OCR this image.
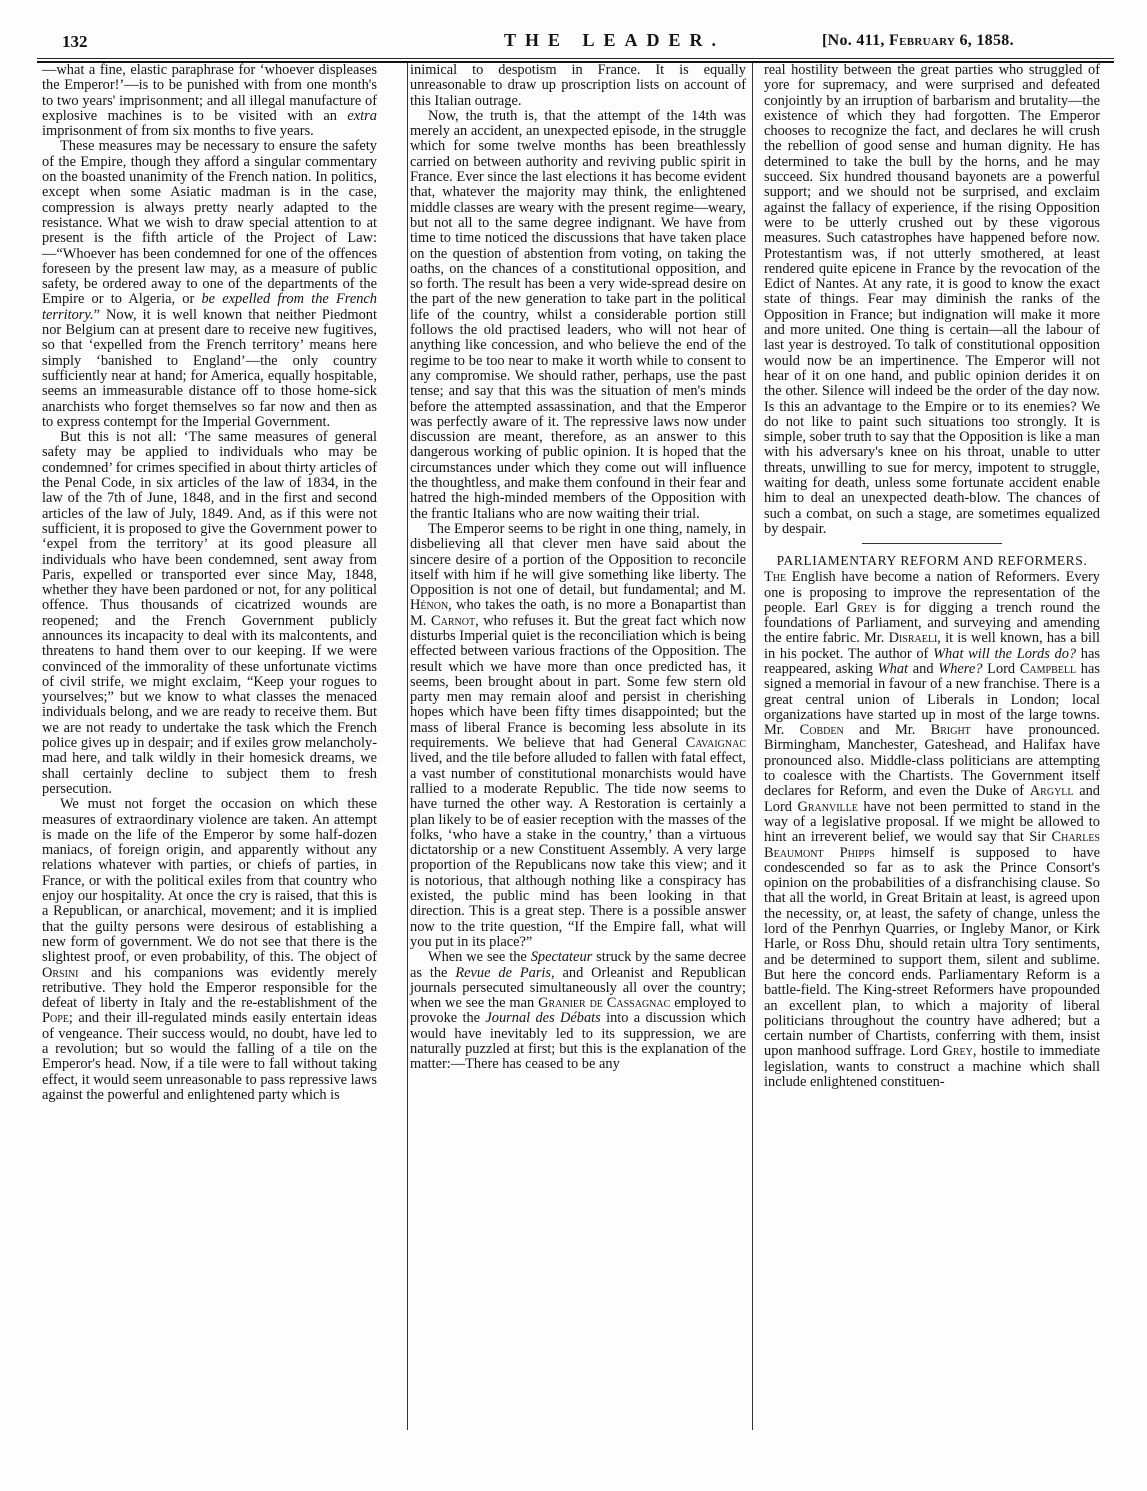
132	THE LEADER.	[No. 411, February 6, 1858.

—what a fine, elastic paraphrase for ‘whoever displeases the Emperor!’—is to be punished with from one month's to two years' imprisonment; and all illegal manufacture of explosive machines is to be visited with an extra imprisonment of from six months to five years.

These measures may be necessary to ensure the safety of the Empire, though they afford a singular commentary on the boasted unanimity of the French nation. In politics, except when some Asiatic madman is in the case, compression is always pretty nearly adapted to the resistance. What we wish to draw special attention to at present is the fifth article of the Project of Law:—“Whoever has been condemned for one of the offences foreseen by the present law may, as a measure of public safety, be ordered away to one of the departments of the Empire or to Algeria, or be expelled from the French territory.” Now, it is well known that neither Piedmont nor Belgium can at present dare to receive new fugitives, so that ‘expelled from the French territory’ means here simply ‘banished to England’—the only country sufficiently near at hand; for America, equally hospitable, seems an immeasurable distance off to those home-sick anarchists who forget themselves so far now and then as to express contempt for the Imperial Government.

But this is not all: ‘The same measures of general safety may be applied to individuals who may be condemned’ for crimes specified in about thirty articles of the Penal Code, in six articles of the law of 1834, in the law of the 7th of June, 1848, and in the first and second articles of the law of July, 1849. And, as if this were not sufficient, it is proposed to give the Government power to ‘expel from the territory’ at its good pleasure all individuals who have been condemned, sent away from Paris, expelled or transported ever since May, 1848, whether they have been pardoned or not, for any political offence. Thus thousands of cicatrized wounds are reopened; and the French Government publicly announces its incapacity to deal with its malcontents, and threatens to hand them over to our keeping. If we were convinced of the immorality of these unfortunate victims of civil strife, we might exclaim, “Keep your rogues to yourselves;” but we know to what classes the menaced individuals belong, and we are ready to receive them. But we are not ready to undertake the task which the French police gives up in despair; and if exiles grow melancholy-mad here, and talk wildly in their homesick dreams, we shall certainly decline to subject them to fresh persecution.

We must not forget the occasion on which these measures of extraordinary violence are taken. An attempt is made on the life of the Emperor by some half-dozen maniacs, of foreign origin, and apparently without any relations whatever with parties, or chiefs of parties, in France, or with the political exiles from that country who enjoy our hospitality. At once the cry is raised, that this is a Republican, or anarchical, movement; and it is implied that the guilty persons were desirous of establishing a new form of government. We do not see that there is the slightest proof, or even probability, of this. The object of Orsini and his companions was evidently merely retributive. They hold the Emperor responsible for the defeat of liberty in Italy and the re-establishment of the Pope; and their ill-regulated minds easily entertain ideas of vengeance. Their success would, no doubt, have led to a revolution; but so would the falling of a tile on the Emperor's head. Now, if a tile were to fall without taking effect, it would seem unreasonable to pass repressive laws against the powerful and enlightened party which is

inimical to despotism in France. It is equally unreasonable to draw up proscription lists on account of this Italian outrage.

Now, the truth is, that the attempt of the 14th was merely an accident, an unexpected episode, in the struggle which for some twelve months has been breathlessly carried on between authority and reviving public spirit in France. Ever since the last elections it has become evident that, whatever the majority may think, the enlightened middle classes are weary with the present regime—weary, but not all to the same degree indignant. We have from time to time noticed the discussions that have taken place on the question of abstention from voting, on taking the oaths, on the chances of a constitutional opposition, and so forth. The result has been a very wide-spread desire on the part of the new generation to take part in the political life of the country, whilst a considerable portion still follows the old practised leaders, who will not hear of anything like concession, and who believe the end of the regime to be too near to make it worth while to consent to any compromise. We should rather, perhaps, use the past tense; and say that this was the situation of men's minds before the attempted assassination, and that the Emperor was perfectly aware of it. The repressive laws now under discussion are meant, therefore, as an answer to this dangerous working of public opinion. It is hoped that the circumstances under which they come out will influence the thoughtless, and make them confound in their fear and hatred the high-minded members of the Opposition with the frantic Italians who are now waiting their trial.

The Emperor seems to be right in one thing, namely, in disbelieving all that clever men have said about the sincere desire of a portion of the Opposition to reconcile itself with him if he will give something like liberty. The Opposition is not one of detail, but fundamental; and M. Hénon, who takes the oath, is no more a Bonapartist than M. Carnot, who refuses it. But the great fact which now disturbs Imperial quiet is the reconciliation which is being effected between various fractions of the Opposition. The result which we have more than once predicted has, it seems, been brought about in part. Some few stern old party men may remain aloof and persist in cherishing hopes which have been fifty times disappointed; but the mass of liberal France is becoming less absolute in its requirements. We believe that had General Cavaignac lived, and the tile before alluded to fallen with fatal effect, a vast number of constitutional monarchists would have rallied to a moderate Republic. The tide now seems to have turned the other way. A Restoration is certainly a plan likely to be of easier reception with the masses of the folks, ‘who have a stake in the country,’ than a virtuous dictatorship or a new Constituent Assembly. A very large proportion of the Republicans now take this view; and it is notorious, that although nothing like a conspiracy has existed, the public mind has been looking in that direction. This is a great step. There is a possible answer now to the trite question, “If the Empire fall, what will you put in its place?”

When we see the Spectateur struck by the same decree as the Revue de Paris, and Orleanist and Republican journals persecuted simultaneously all over the country; when we see the man Granier de Cassagnac employed to provoke the Journal des Débats into a discussion which would have inevitably led to its suppression, we are naturally puzzled at first; but this is the explanation of the matter:—There has ceased to be any

real hostility between the great parties who struggled of yore for supremacy, and were surprised and defeated conjointly by an irruption of barbarism and brutality—the existence of which they had forgotten. The Emperor chooses to recognize the fact, and declares he will crush the rebellion of good sense and human dignity. He has determined to take the bull by the horns, and he may succeed. Six hundred thousand bayonets are a powerful support; and we should not be surprised, and exclaim against the fallacy of experience, if the rising Opposition were to be utterly crushed out by these vigorous measures. Such catastrophes have happened before now. Protestantism was, if not utterly smothered, at least rendered quite epicene in France by the revocation of the Edict of Nantes. At any rate, it is good to know the exact state of things. Fear may diminish the ranks of the Opposition in France; but indignation will make it more and more united. One thing is certain—all the labour of last year is destroyed. To talk of constitutional opposition would now be an impertinence. The Emperor will not hear of it on one hand, and public opinion derides it on the other. Silence will indeed be the order of the day now. Is this an advantage to the Empire or to its enemies? We do not like to paint such situations too strongly. It is simple, sober truth to say that the Opposition is like a man with his adversary's knee on his throat, unable to utter threats, unwilling to sue for mercy, impotent to struggle, waiting for death, unless some fortunate accident enable him to deal an unexpected death-blow. The chances of such a combat, on such a stage, are sometimes equalized by despair.

PARLIAMENTARY REFORM AND REFORMERS.

The English have become a nation of Reformers. Every one is proposing to improve the representation of the people. Earl Grey is for digging a trench round the foundations of Parliament, and surveying and amending the entire fabric. Mr. Disraeli, it is well known, has a bill in his pocket. The author of What will the Lords do? has reappeared, asking What and Where? Lord Campbell has signed a memorial in favour of a new franchise. There is a great central union of Liberals in London; local organizations have started up in most of the large towns. Mr. Cobden and Mr. Bright have pronounced. Birmingham, Manchester, Gateshead, and Halifax have pronounced also. Middle-class politicians are attempting to coalesce with the Chartists. The Government itself declares for Reform, and even the Duke of Argyll and Lord Granville have not been permitted to stand in the way of a legislative proposal. If we might be allowed to hint an irreverent belief, we would say that Sir Charles Beaumont Phipps himself is supposed to have condescended so far as to ask the Prince Consort's opinion on the probabilities of a disfranchising clause. So that all the world, in Great Britain at least, is agreed upon the necessity, or, at least, the safety of change, unless the lord of the Penrhyn Quarries, or Ingleby Manor, or Kirk Harle, or Ross Dhu, should retain ultra Tory sentiments, and be determined to support them, silent and sublime. But here the concord ends. Parliamentary Reform is a battle-field. The King-street Reformers have propounded an excellent plan, to which a majority of liberal politicians throughout the country have adhered; but a certain number of Chartists, conferring with them, insist upon manhood suffrage. Lord Grey, hostile to immediate legislation, wants to construct a machine which shall include enlightened constituen-
